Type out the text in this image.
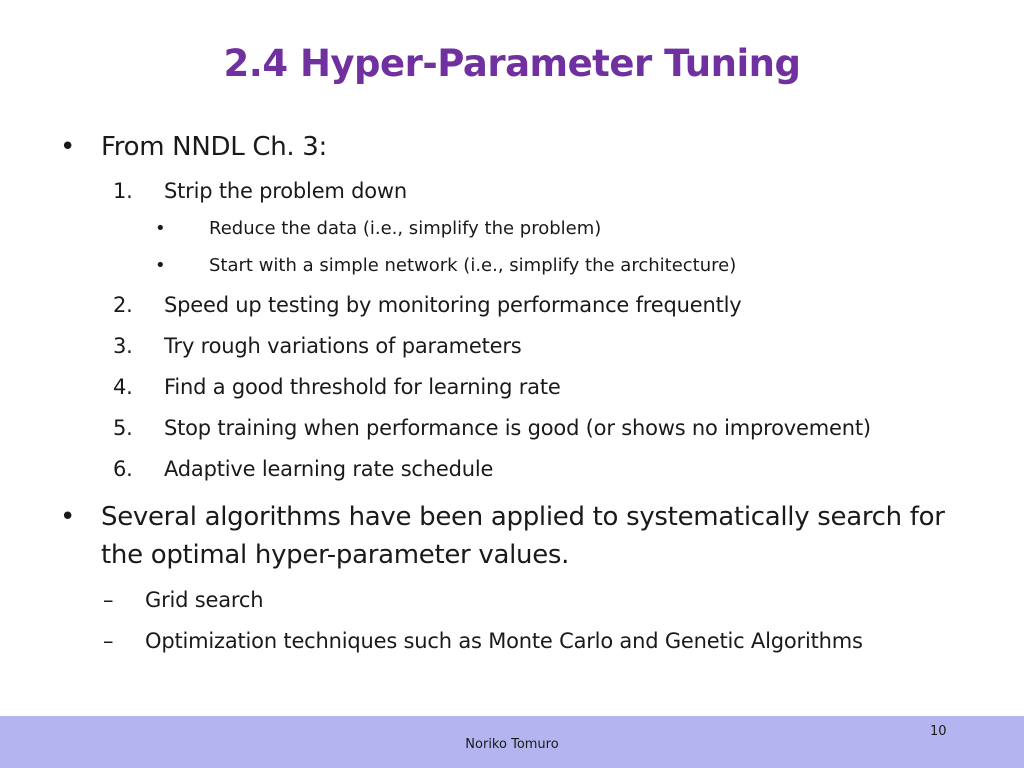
2.4 Hyper-Parameter Tuning
• From NNDL Ch. 3:
1. Strip the problem down
• Reduce the data (i.e., simplify the problem)
• Start with a simple network (i.e., simplify the architecture)
2. Speed up testing by monitoring performance frequently
3. Try rough variations of parameters
4. Find a good threshold for learning rate
5. Stop training when performance is good (or shows no improvement)
6. Adaptive learning rate schedule
• Several algorithms have been applied to systematically search for the optimal hyper-parameter values.
– Grid search
– Optimization techniques such as Monte Carlo and Genetic Algorithms
10
Noriko Tomuro
